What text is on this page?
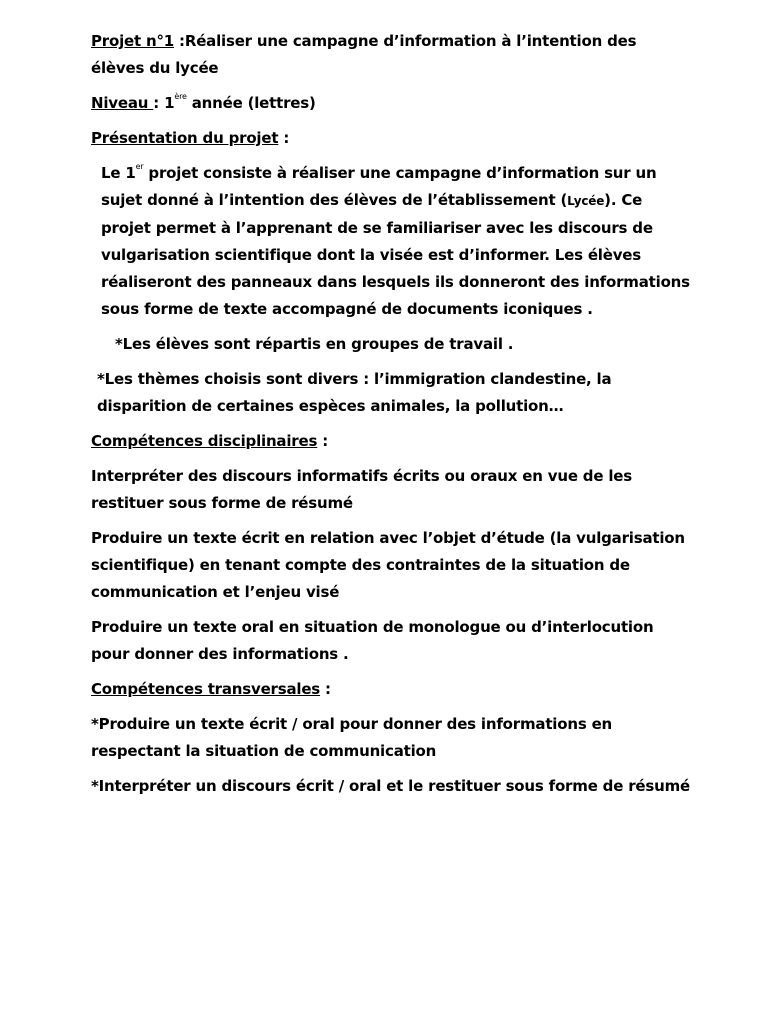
Projet n°1 :Réaliser une campagne d’information à l’intention des élèves du lycée

Niveau : 1ère année (lettres)

Présentation du projet :

Le 1er projet consiste à réaliser une campagne d’information sur un sujet donné à l’intention des élèves de l’établissement (Lycée). Ce projet permet à l’apprenant de se familiariser avec les discours de vulgarisation scientifique dont la visée est d’informer. Les élèves réaliseront des panneaux dans lesquels ils donneront des informations sous forme de texte accompagné de documents iconiques .

*Les élèves sont répartis en groupes de travail .

*Les thèmes choisis sont divers : l’immigration clandestine, la disparition de certaines espèces animales, la pollution…

Compétences disciplinaires :

Interpréter des discours informatifs écrits ou oraux en vue de les restituer sous forme de résumé

Produire un texte écrit en relation avec l’objet d’étude (la vulgarisation scientifique) en tenant compte des contraintes de la situation de communication et l’enjeu visé

Produire un texte oral en situation de monologue ou d’interlocution pour donner des informations .

Compétences transversales :

*Produire un texte écrit / oral pour donner des informations en respectant la situation de communication

*Interpréter un discours écrit / oral et le restituer sous forme de résumé
